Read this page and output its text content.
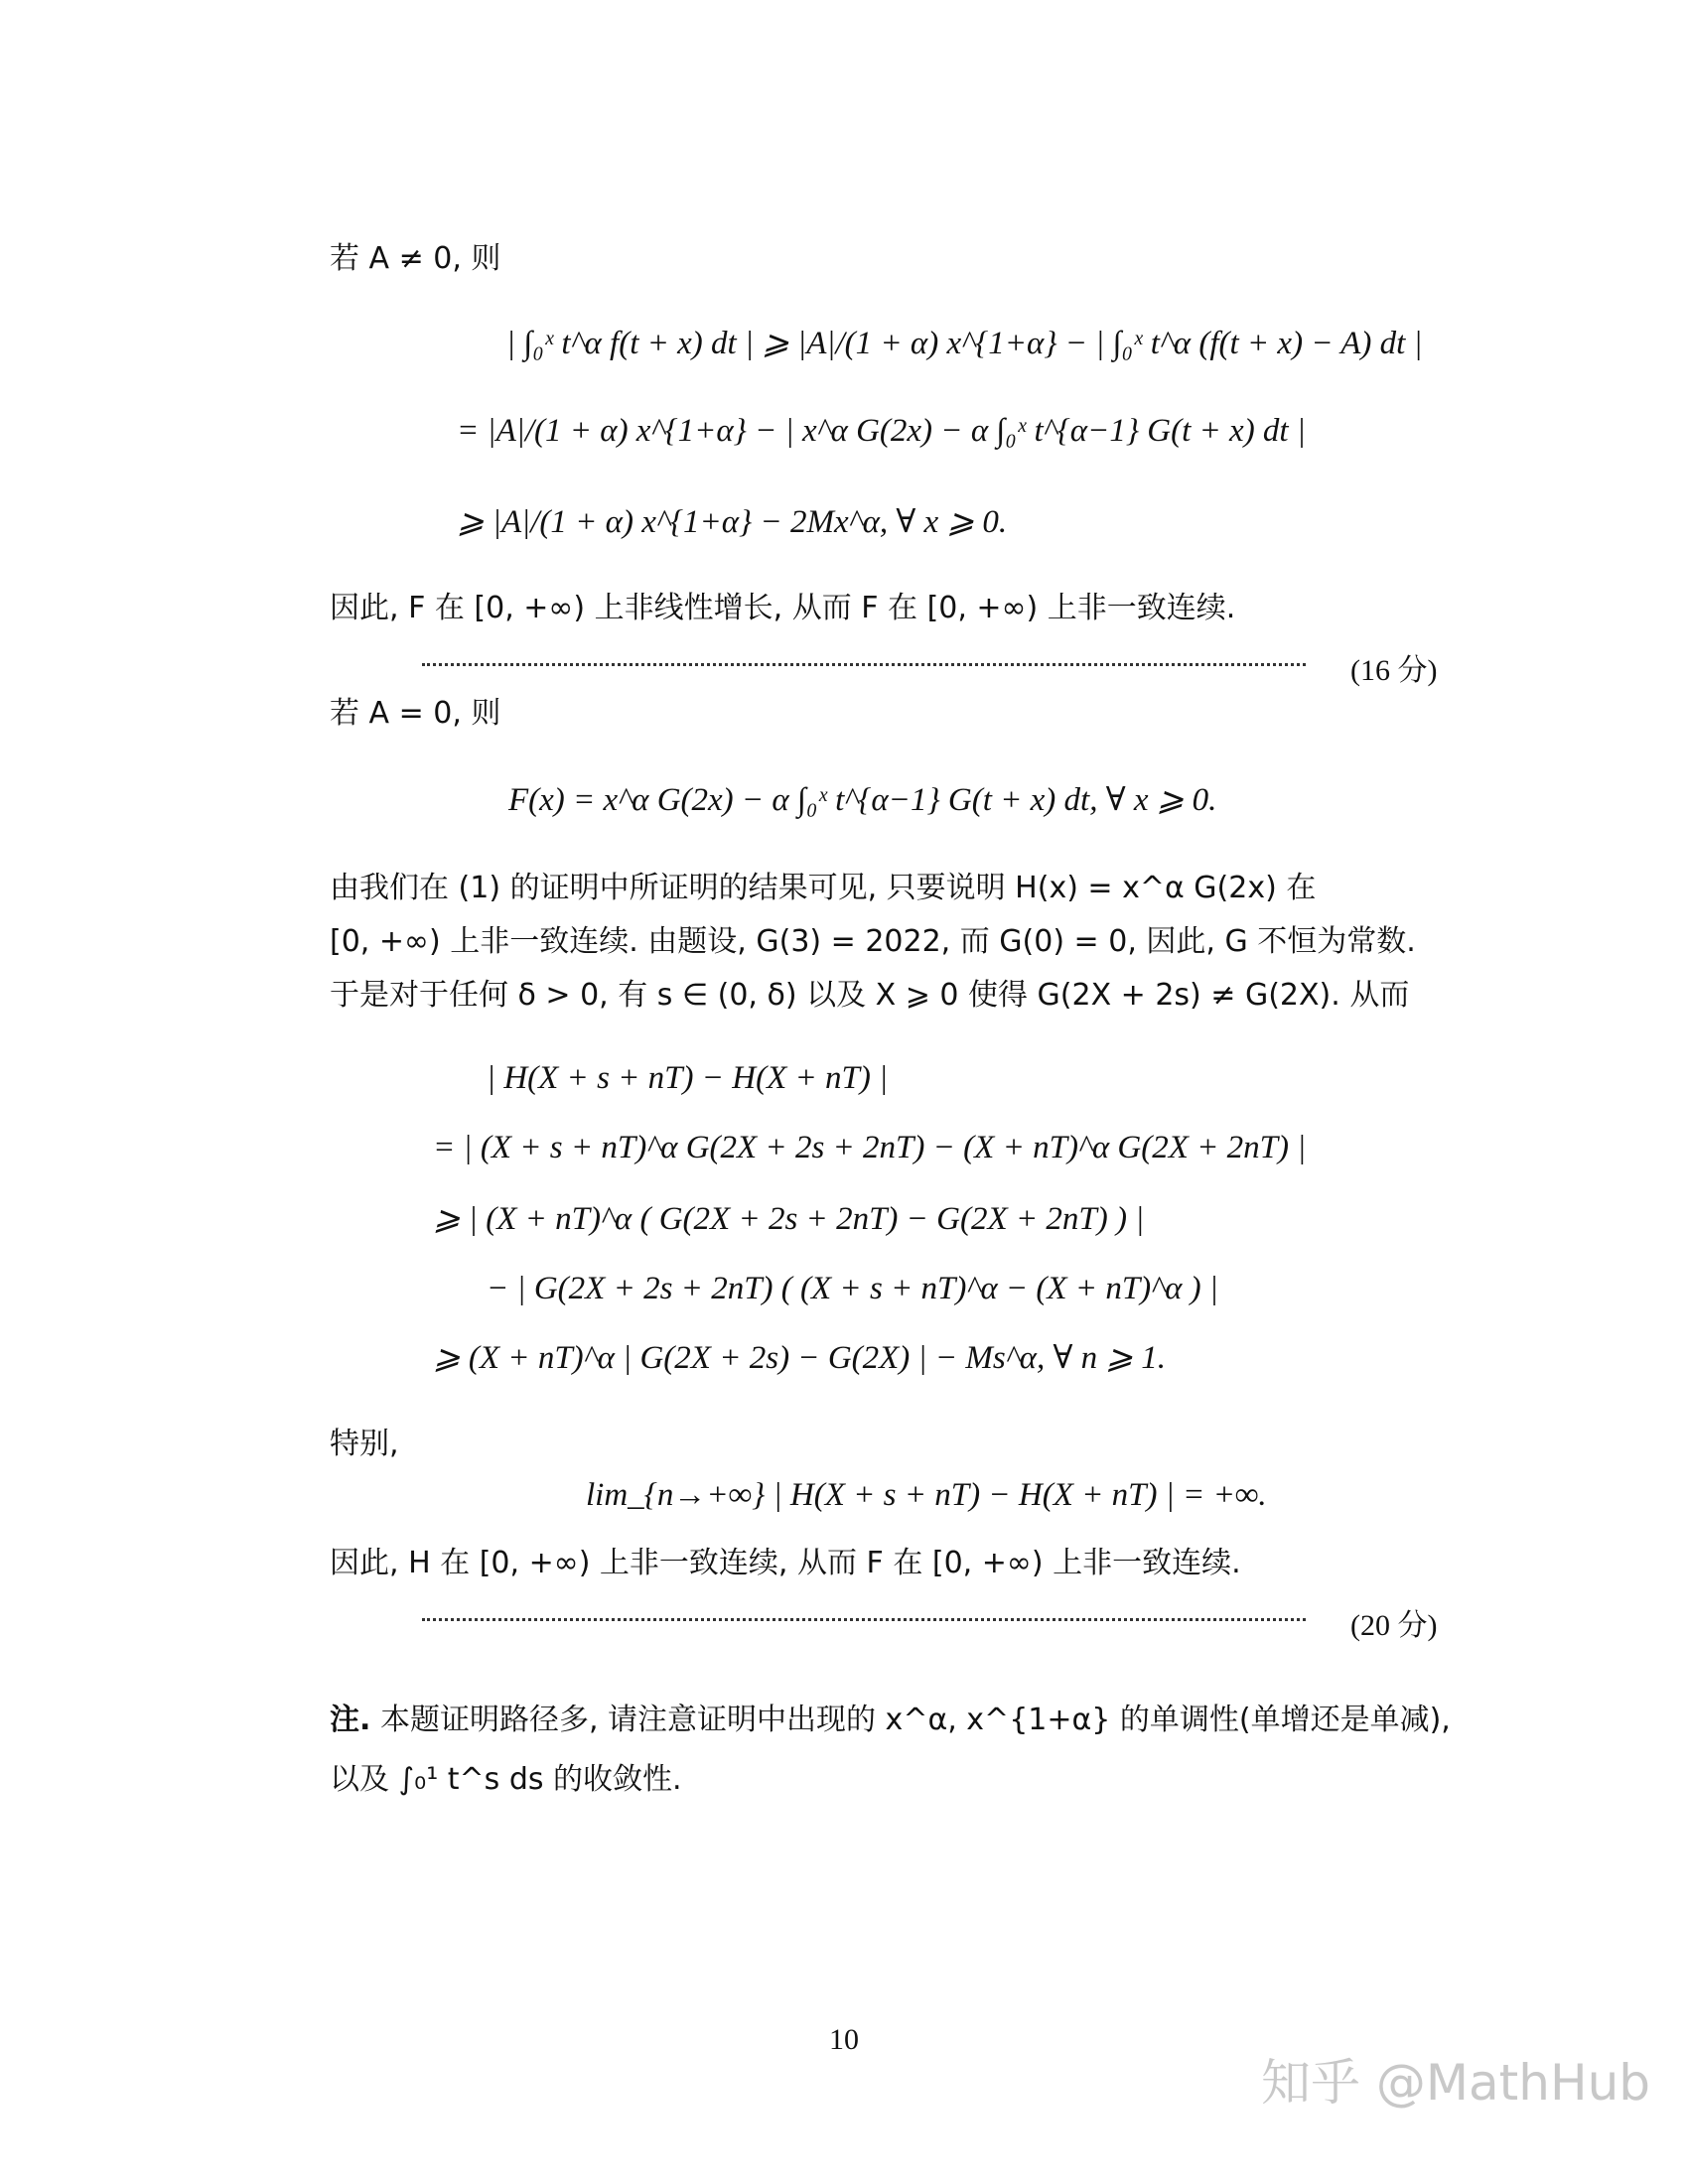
若 A ≠ 0, 则
| ∫₀ˣ t^α f(t + x) dt | ⩾ |A|/(1 + α) x^{1+α} − | ∫₀ˣ t^α (f(t + x) − A) dt |
= |A|/(1 + α) x^{1+α} − | x^α G(2x) − α ∫₀ˣ t^{α−1} G(t + x) dt |
⩾ |A|/(1 + α) x^{1+α} − 2Mx^α, ∀ x ⩾ 0.
因此, F 在 [0, +∞) 上非线性增长, 从而 F 在 [0, +∞) 上非一致连续.
(16 分)
若 A = 0, 则
F(x) = x^α G(2x) − α ∫₀ˣ t^{α−1} G(t + x) dt, ∀ x ⩾ 0.
由我们在 (1) 的证明中所证明的结果可见, 只要说明 H(x) = x^α G(2x) 在
[0, +∞) 上非一致连续. 由题设, G(3) = 2022, 而 G(0) = 0, 因此, G 不恒为常数.
于是对于任何 δ > 0, 有 s ∈ (0, δ) 以及 X ⩾ 0 使得 G(2X + 2s) ≠ G(2X). 从而
| H(X + s + nT) − H(X + nT) |
= | (X + s + nT)^α G(2X + 2s + 2nT) − (X + nT)^α G(2X + 2nT) |
⩾ | (X + nT)^α ( G(2X + 2s + 2nT) − G(2X + 2nT) ) |
− | G(2X + 2s + 2nT) ( (X + s + nT)^α − (X + nT)^α ) |
⩾ (X + nT)^α | G(2X + 2s) − G(2X) | − Ms^α, ∀ n ⩾ 1.
特别,
lim_{n→+∞} | H(X + s + nT) − H(X + nT) | = +∞.
因此, H 在 [0, +∞) 上非一致连续, 从而 F 在 [0, +∞) 上非一致连续.
(20 分)
注. 本题证明路径多, 请注意证明中出现的 x^α, x^{1+α} 的单调性(单增还是单减),
以及 ∫₀¹ t^s ds 的收敛性.
10
知乎 @MathHub
